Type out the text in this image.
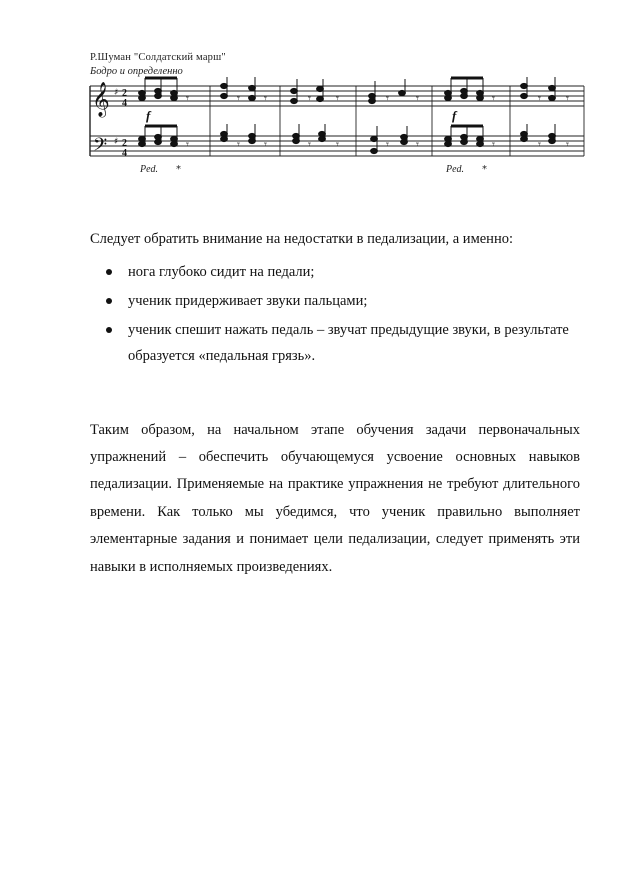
Р.Шуман "Солдатский марш"
Бодро и определенно
𝄞
𝄢
♯
♯
2
4
2
4
𝄾	𝄾 𝄾	𝄾 𝄾	𝄾 𝄾	𝄾	𝄾 𝄾
𝄾	𝄾 𝄾	𝄾 𝄾	𝄾 𝄾	𝄾	𝄾 𝄾
f	f
Ped. *	Ped. *
Следует обратить внимание на недостатки в педализации, а именно:
нога глубоко сидит на педали;
ученик придерживает звуки пальцами;
ученик спешит нажать педаль – звучат предыдущие звуки, в результате образуется «педальная грязь».

Таким образом, на начальном этапе обучения задачи первоначальных упражнений – обеспечить обучающемуся усвоение основных навыков педализации. Применяемые на практике упражнения не требуют длительного времени. Как только мы убедимся, что ученик правильно выполняет элементарные задания и понимает цели педализации, следует применять эти навыки в исполняемых произведениях.
